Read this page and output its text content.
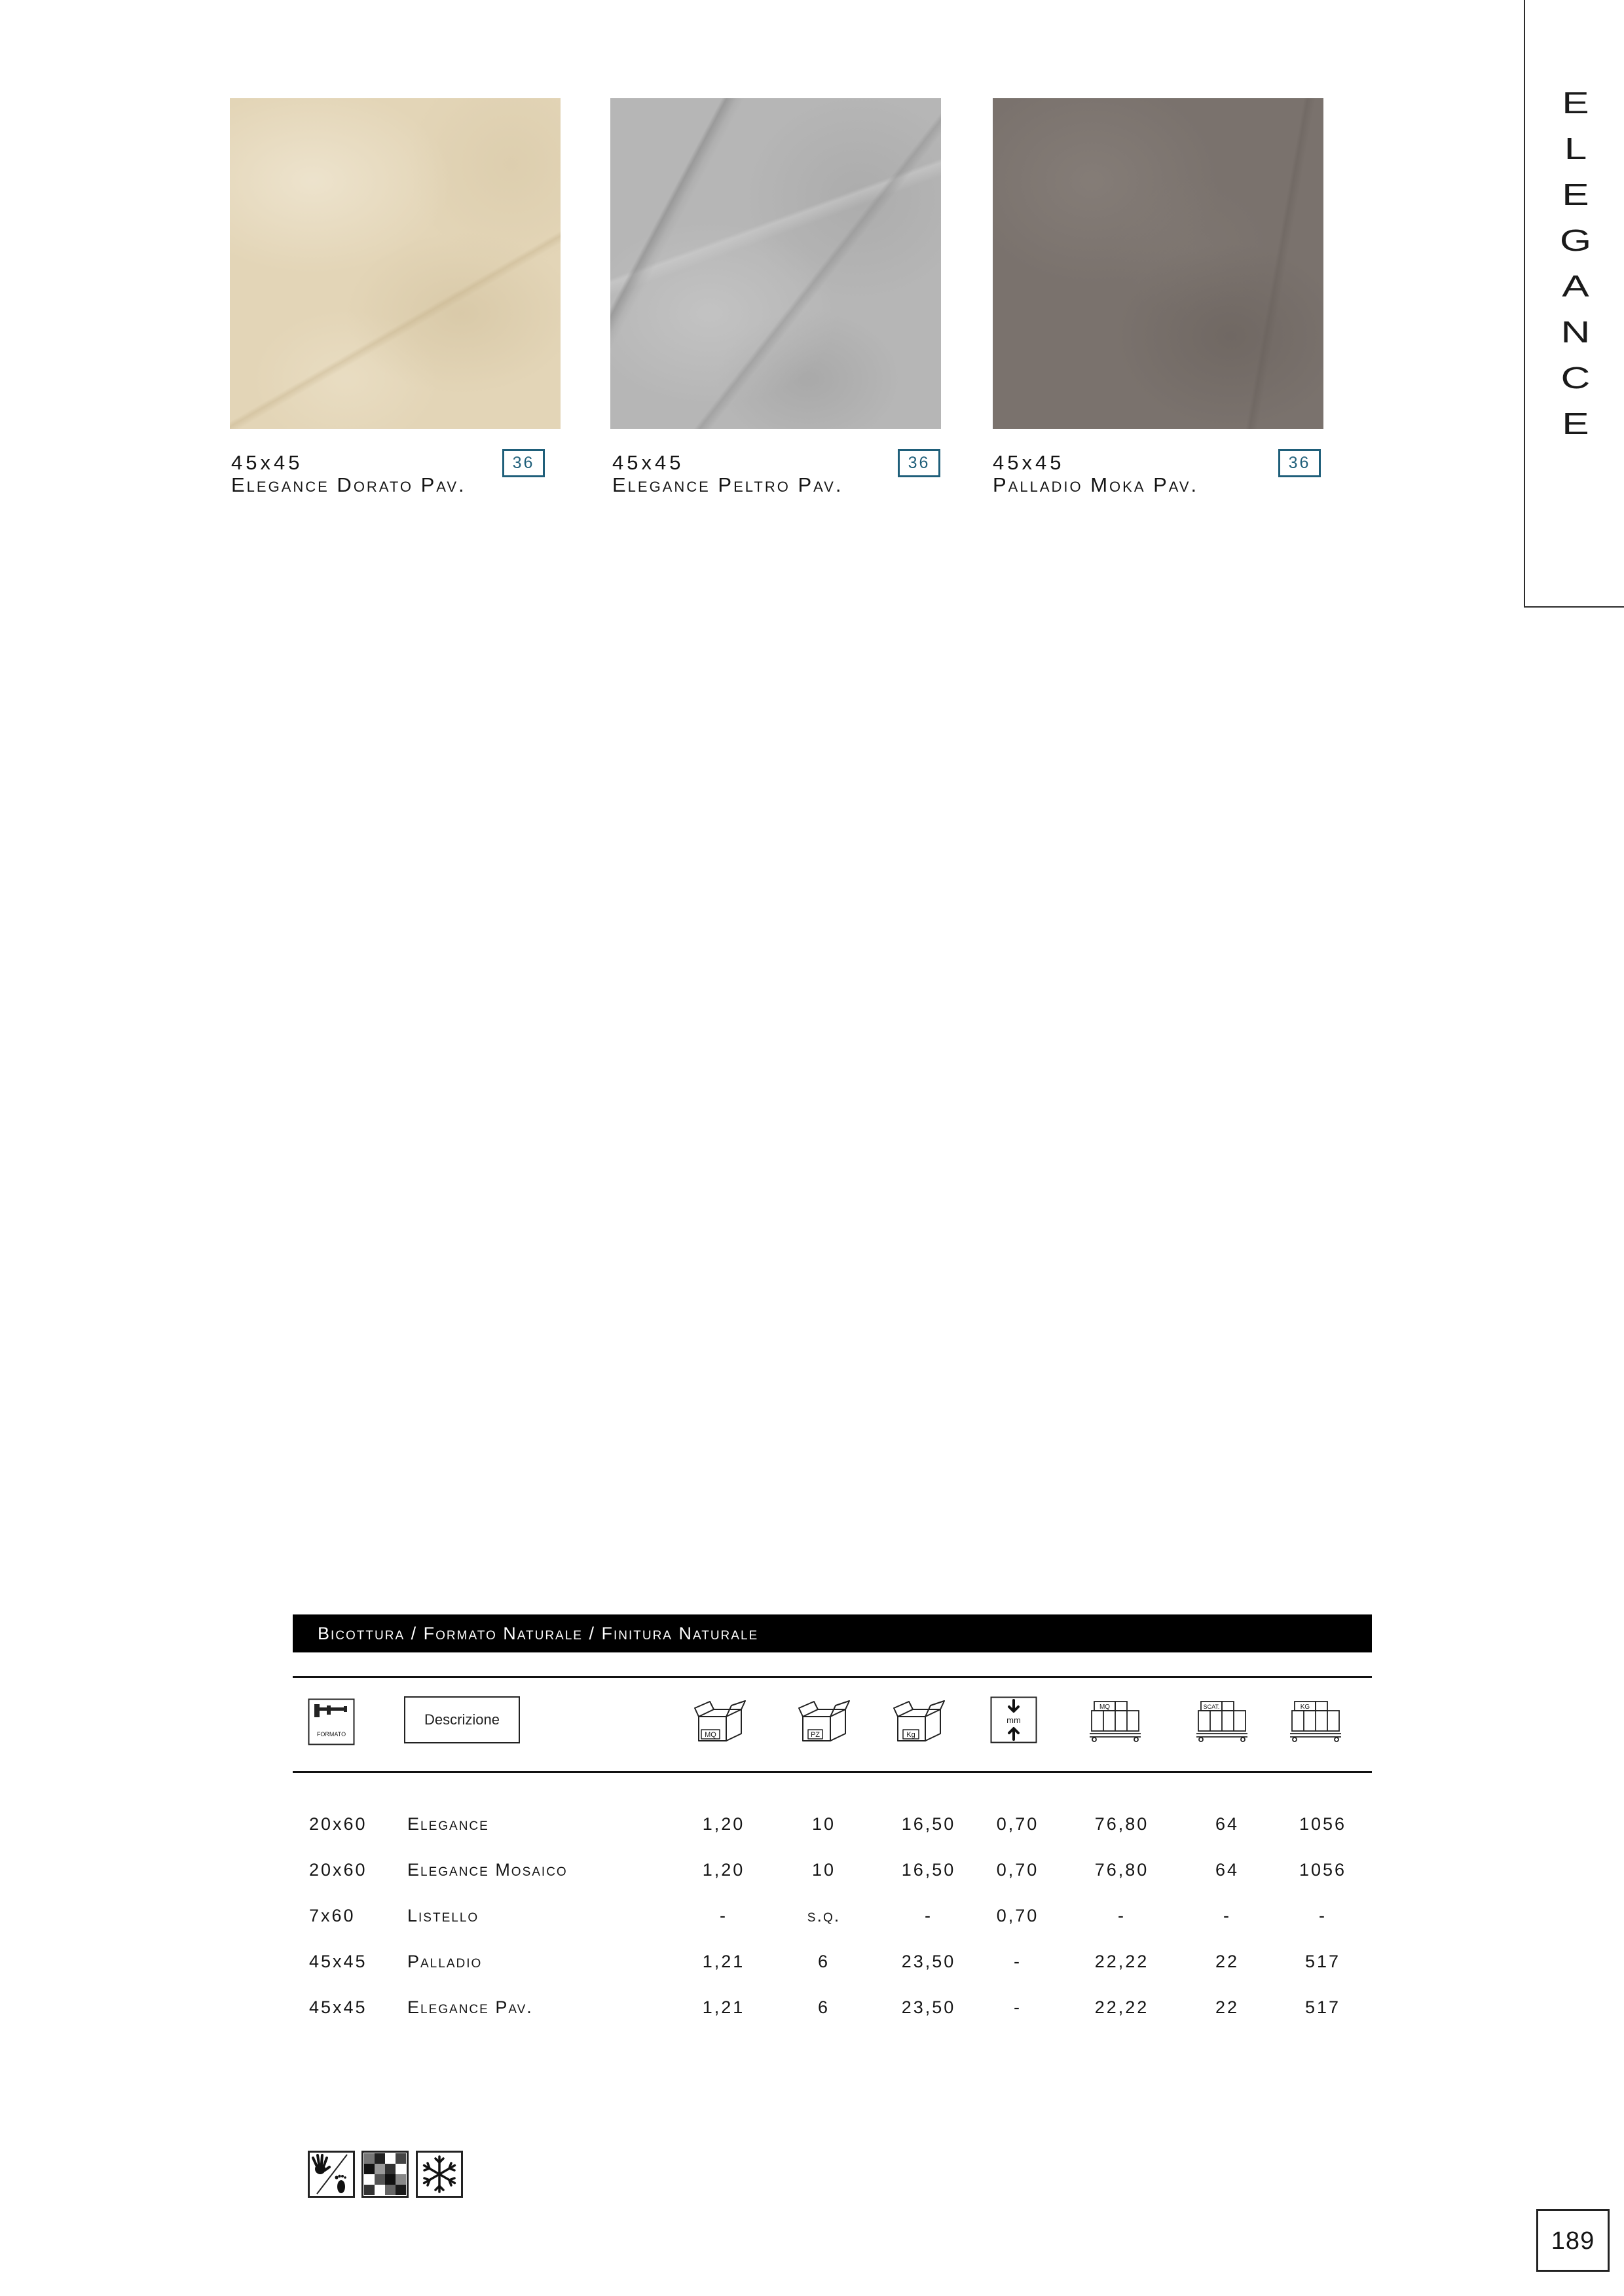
ELEGANCE
45x45
Elegance Dorato Pav.
36	45x45
Elegance Peltro Pav.
36	45x45
Palladio Moka Pav.
36
Bicottura / Formato Naturale / Finitura Naturale
FORMATO
Descrizione
MQ	PZ	Kg
mm
MQ	SCAT.	KG
20x60 Elegance	1,20	10	16,50	0,70	76,80	64	1056
20x60 Elegance Mosaico	1,20	10	16,50	0,70	76,80	64	1056
7x60	Listello	-	s.q.	-	0,70	-	-	-
45x45 Palladio	1,21	6	23,50	-	22,22	22	517
45x45 Elegance Pav.	1,21	6	23,50	-	22,22	22	517
189
